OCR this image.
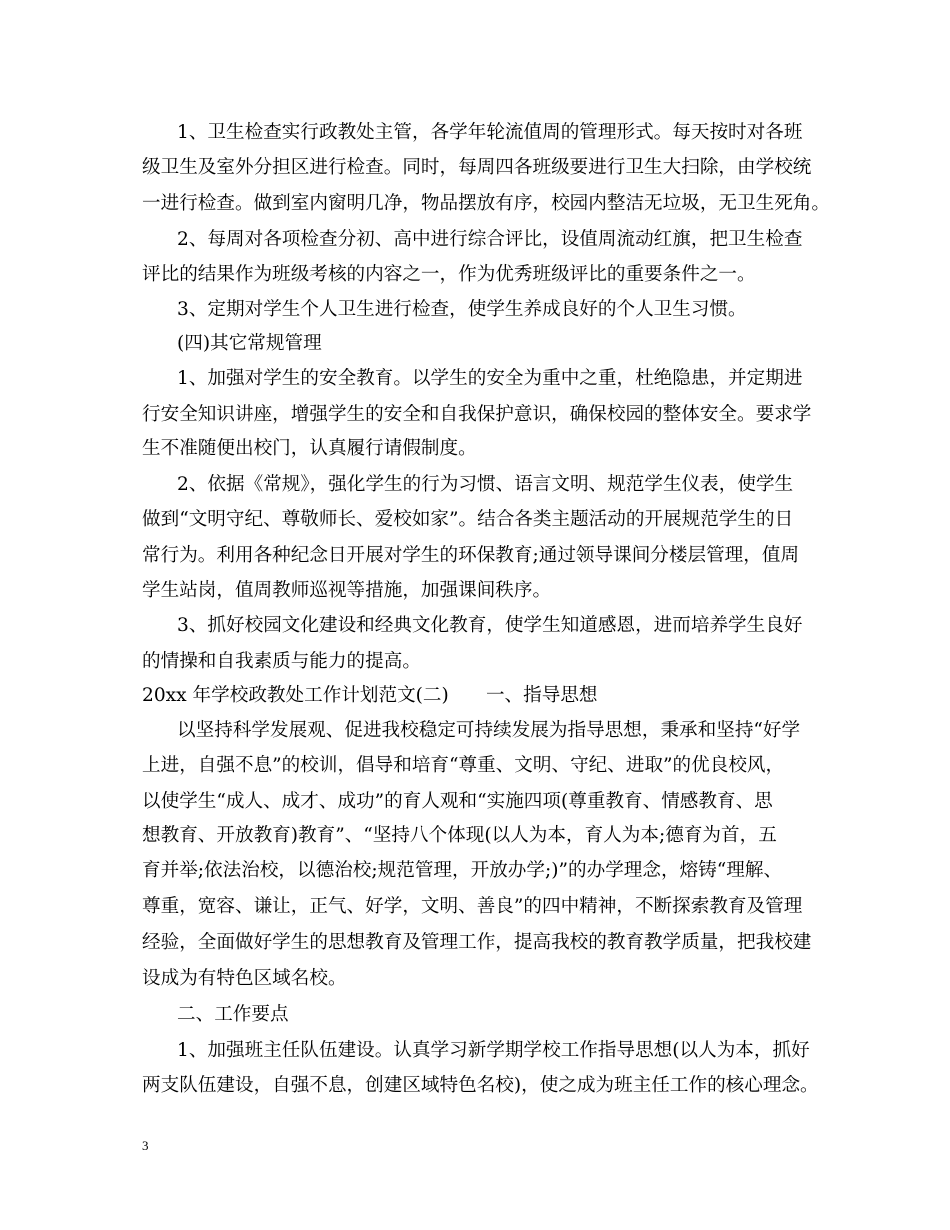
1、卫生检查实行政教处主管，各学年轮流值周的管理形式。每天按时对各班
级卫生及室外分担区进行检查。同时，每周四各班级要进行卫生大扫除，由学校统
一进行检查。做到室内窗明几净，物品摆放有序，校园内整洁无垃圾，无卫生死角。
2、每周对各项检查分初、高中进行综合评比，设值周流动红旗，把卫生检查
评比的结果作为班级考核的内容之一，作为优秀班级评比的重要条件之一。
3、定期对学生个人卫生进行检查，使学生养成良好的个人卫生习惯。
(四)其它常规管理
1、加强对学生的安全教育。以学生的安全为重中之重，杜绝隐患，并定期进
行安全知识讲座，增强学生的安全和自我保护意识，确保校园的整体安全。要求学
生不准随便出校门，认真履行请假制度。
2、依据《常规》，强化学生的行为习惯、语言文明、规范学生仪表，使学生
做到“文明守纪、尊敬师长、爱校如家”。结合各类主题活动的开展规范学生的日
常行为。利用各种纪念日开展对学生的环保教育;通过领导课间分楼层管理，值周
学生站岗，值周教师巡视等措施，加强课间秩序。
3、抓好校园文化建设和经典文化教育，使学生知道感恩，进而培养学生良好
的情操和自我素质与能力的提高。
20xx 年学校政教处工作计划范文(二)　　一、指导思想
以坚持科学发展观、促进我校稳定可持续发展为指导思想，秉承和坚持“好学
上进，自强不息”的校训，倡导和培育“尊重、文明、守纪、进取”的优良校风，
以使学生“成人、成才、成功”的育人观和“实施四项(尊重教育、情感教育、思
想教育、开放教育)教育”、“坚持八个体现(以人为本，育人为本;德育为首，五
育并举;依法治校，以德治校;规范管理，开放办学;)”的办学理念，熔铸“理解、
尊重，宽容、谦让，正气、好学，文明、善良”的四中精神，不断探索教育及管理
经验，全面做好学生的思想教育及管理工作，提高我校的教育教学质量，把我校建
设成为有特色区域名校。
二、工作要点
1、加强班主任队伍建设。认真学习新学期学校工作指导思想(以人为本，抓好
两支队伍建设，自强不息，创建区域特色名校)，使之成为班主任工作的核心理念。
3
